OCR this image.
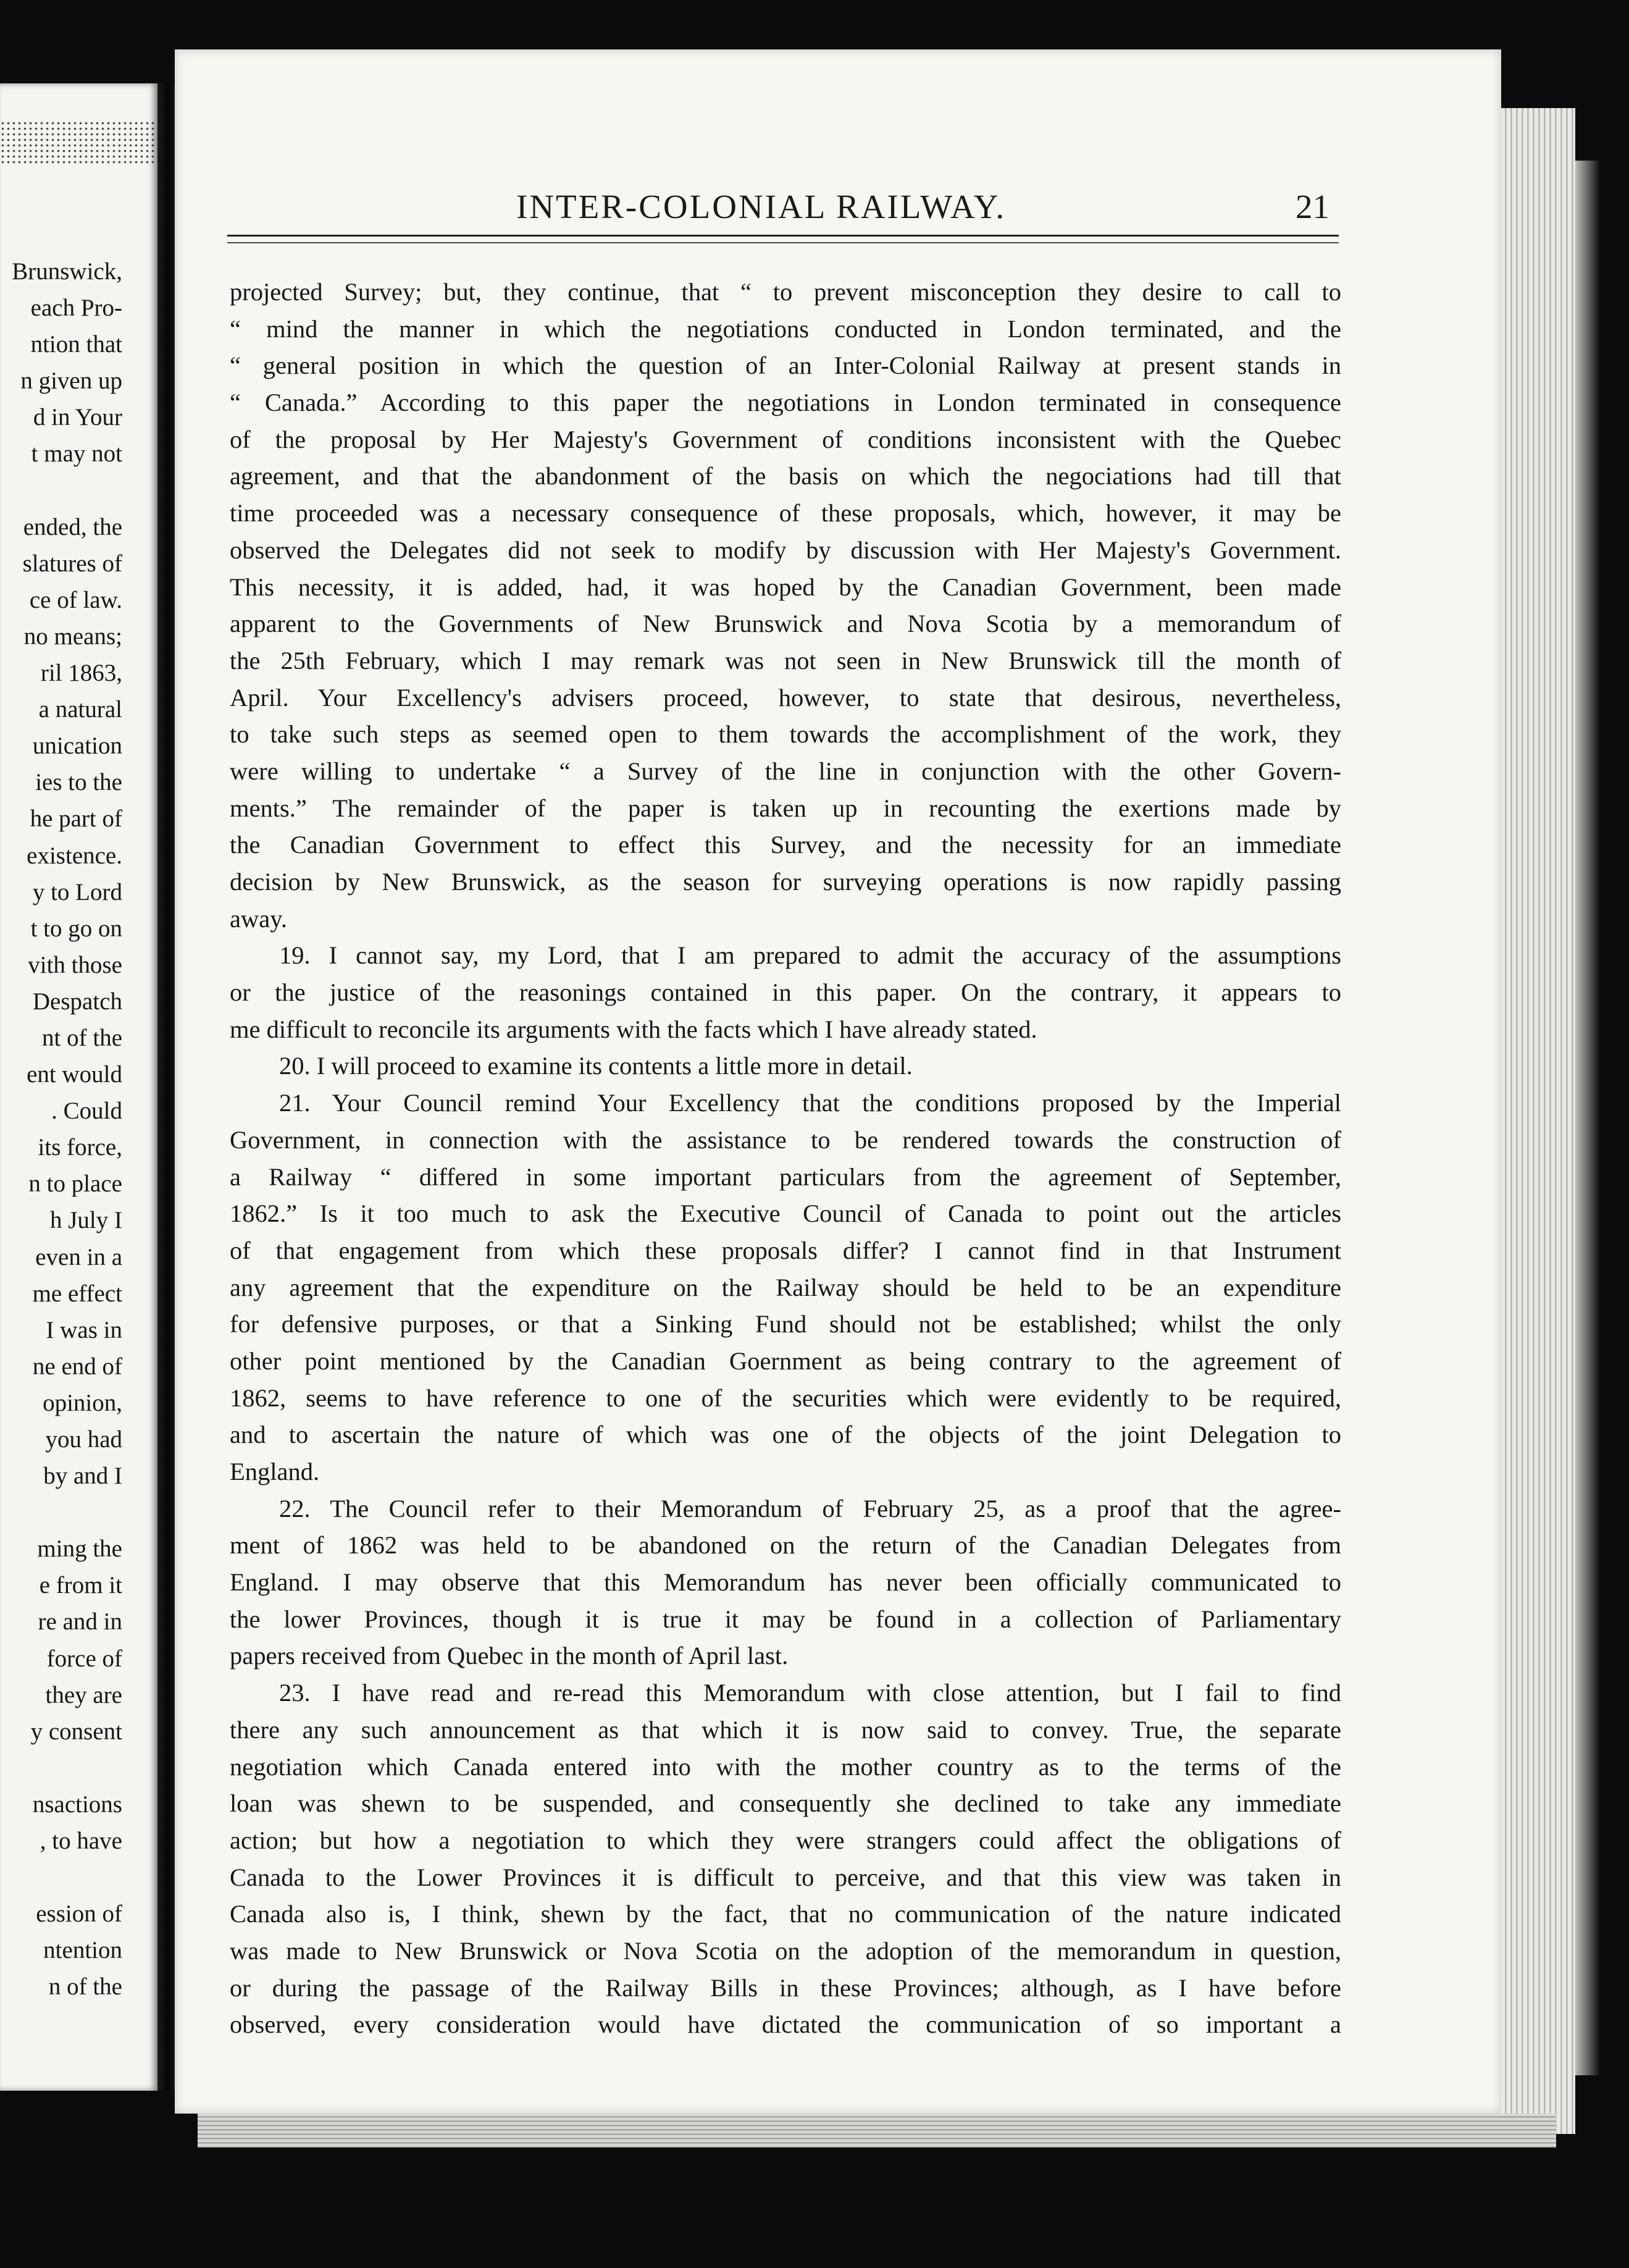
Brunswick,
each Pro-
ntion that
n given up
d in Your
t may not
ended, the
slatures of
ce of law.
no means;
ril 1863,
a natural
unication
ies to the
he part of
existence.
y to Lord
t to go on
vith those
Despatch
nt of the
ent would
. Could
its force,
n to place
h July I
even in a
me effect
I was in
ne end of
opinion,
you had
by and I
ming the
e from it
re and in
force of
they are
y consent
nsactions
, to have
ession of
ntention
n of the
INTER-COLONIAL RAILWAY.	21
projected Survey; but, they continue, that “ to prevent misconception they desire to call to
“ mind the manner in which the negotiations conducted in London terminated, and the
“ general position in which the question of an Inter-Colonial Railway at present stands in
“ Canada.” According to this paper the negotiations in London terminated in consequence
of the proposal by Her Majesty's Government of conditions inconsistent with the Quebec
agreement, and that the abandonment of the basis on which the negociations had till that
time proceeded was a necessary consequence of these proposals, which, however, it may be
observed the Delegates did not seek to modify by discussion with Her Majesty's Government.
This necessity, it is added, had, it was hoped by the Canadian Government, been made
apparent to the Governments of New Brunswick and Nova Scotia by a memorandum of
the 25th February, which I may remark was not seen in New Brunswick till the month of
April. Your Excellency's advisers proceed, however, to state that desirous, nevertheless,
to take such steps as seemed open to them towards the accomplishment of the work, they
were willing to undertake “ a Survey of the line in conjunction with the other Govern-
ments.” The remainder of the paper is taken up in recounting the exertions made by
the Canadian Government to effect this Survey, and the necessity for an immediate
decision by New Brunswick, as the season for surveying operations is now rapidly passing
away.
19. I cannot say, my Lord, that I am prepared to admit the accuracy of the assumptions
or the justice of the reasonings contained in this paper. On the contrary, it appears to
me difficult to reconcile its arguments with the facts which I have already stated.
20. I will proceed to examine its contents a little more in detail.
21. Your Council remind Your Excellency that the conditions proposed by the Imperial
Government, in connection with the assistance to be rendered towards the construction of
a Railway “ differed in some important particulars from the agreement of September,
1862.” Is it too much to ask the Executive Council of Canada to point out the articles
of that engagement from which these proposals differ? I cannot find in that Instrument
any agreement that the expenditure on the Railway should be held to be an expenditure
for defensive purposes, or that a Sinking Fund should not be established; whilst the only
other point mentioned by the Canadian Goernment as being contrary to the agreement of
1862, seems to have reference to one of the securities which were evidently to be required,
and to ascertain the nature of which was one of the objects of the joint Delegation to
England.
22. The Council refer to their Memorandum of February 25, as a proof that the agree-
ment of 1862 was held to be abandoned on the return of the Canadian Delegates from
England. I may observe that this Memorandum has never been officially communicated to
the lower Provinces, though it is true it may be found in a collection of Parliamentary
papers received from Quebec in the month of April last.
23. I have read and re-read this Memorandum with close attention, but I fail to find
there any such announcement as that which it is now said to convey. True, the separate
negotiation which Canada entered into with the mother country as to the terms of the
loan was shewn to be suspended, and consequently she declined to take any immediate
action; but how a negotiation to which they were strangers could affect the obligations of
Canada to the Lower Provinces it is difficult to perceive, and that this view was taken in
Canada also is, I think, shewn by the fact, that no communication of the nature indicated
was made to New Brunswick or Nova Scotia on the adoption of the memorandum in question,
or during the passage of the Railway Bills in these Provinces; although, as I have before
observed, every consideration would have dictated the communication of so important a
